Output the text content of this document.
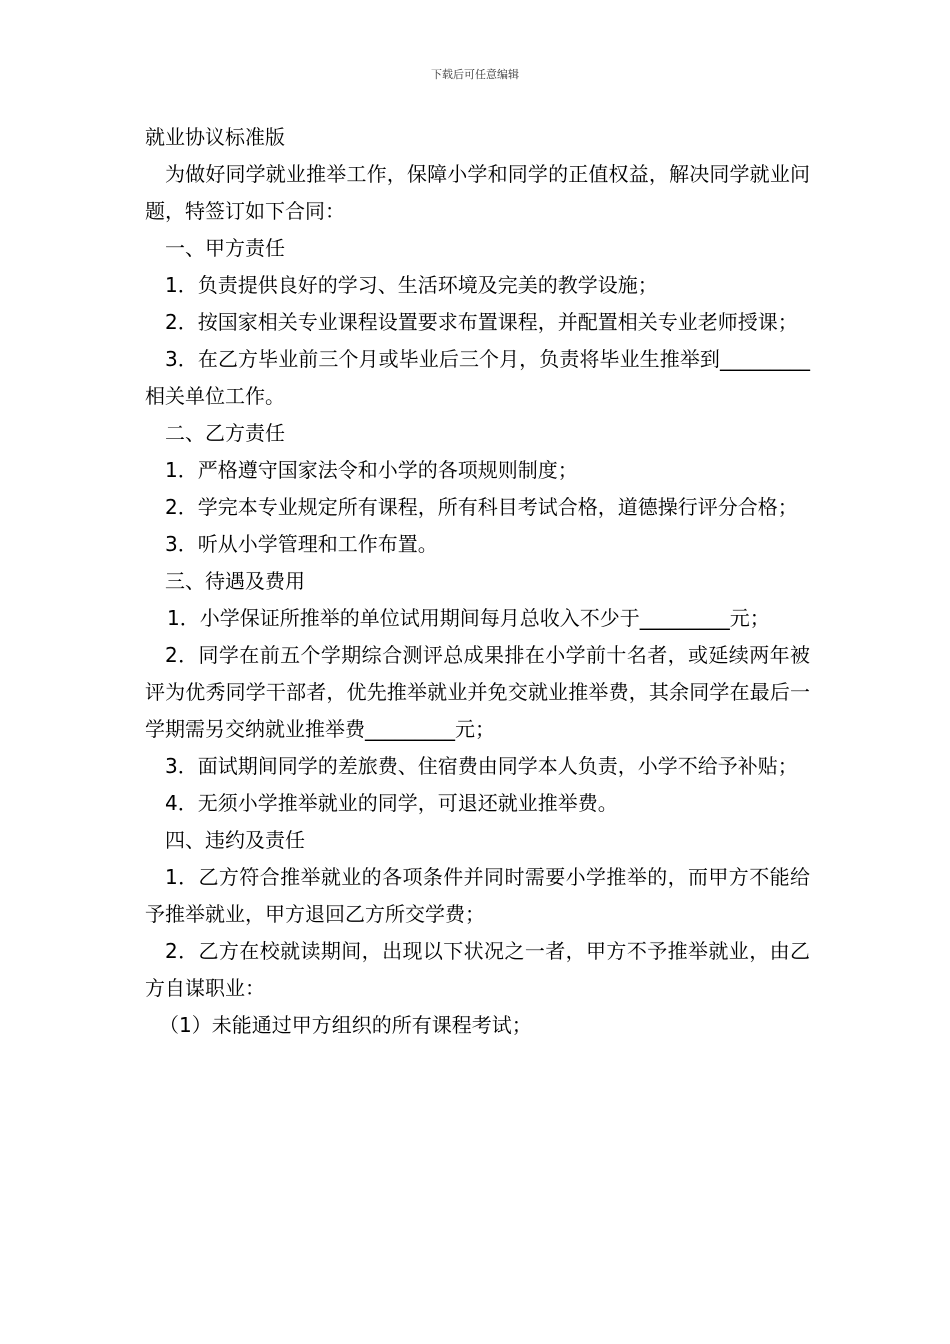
下载后可任意编辑

就业协议标准版

为做好同学就业推举工作，保障小学和同学的正值权益，解决同学就业问题，特签订如下合同：

一、甲方责任

1．负责提供良好的学习、生活环境及完美的教学设施；

2．按国家相关专业课程设置要求布置课程，并配置相关专业老师授课；

3．在乙方毕业前三个月或毕业后三个月，负责将毕业生推举到_________相关单位工作。

二、乙方责任

1．严格遵守国家法令和小学的各项规则制度；

2．学完本专业规定所有课程，所有科目考试合格，道德操行评分合格；

3．听从小学管理和工作布置。

三、待遇及费用

1．小学保证所推举的单位试用期间每月总收入不少于_________元；

2．同学在前五个学期综合测评总成果排在小学前十名者，或延续两年被评为优秀同学干部者，优先推举就业并免交就业推举费，其余同学在最后一学期需另交纳就业推举费_________元；

3．面试期间同学的差旅费、住宿费由同学本人负责，小学不给予补贴；

4．无须小学推举就业的同学，可退还就业推举费。

四、违约及责任

1．乙方符合推举就业的各项条件并同时需要小学推举的，而甲方不能给予推举就业，甲方退回乙方所交学费；

2．乙方在校就读期间，出现以下状况之一者，甲方不予推举就业，由乙方自谋职业：

（1）未能通过甲方组织的所有课程考试；
